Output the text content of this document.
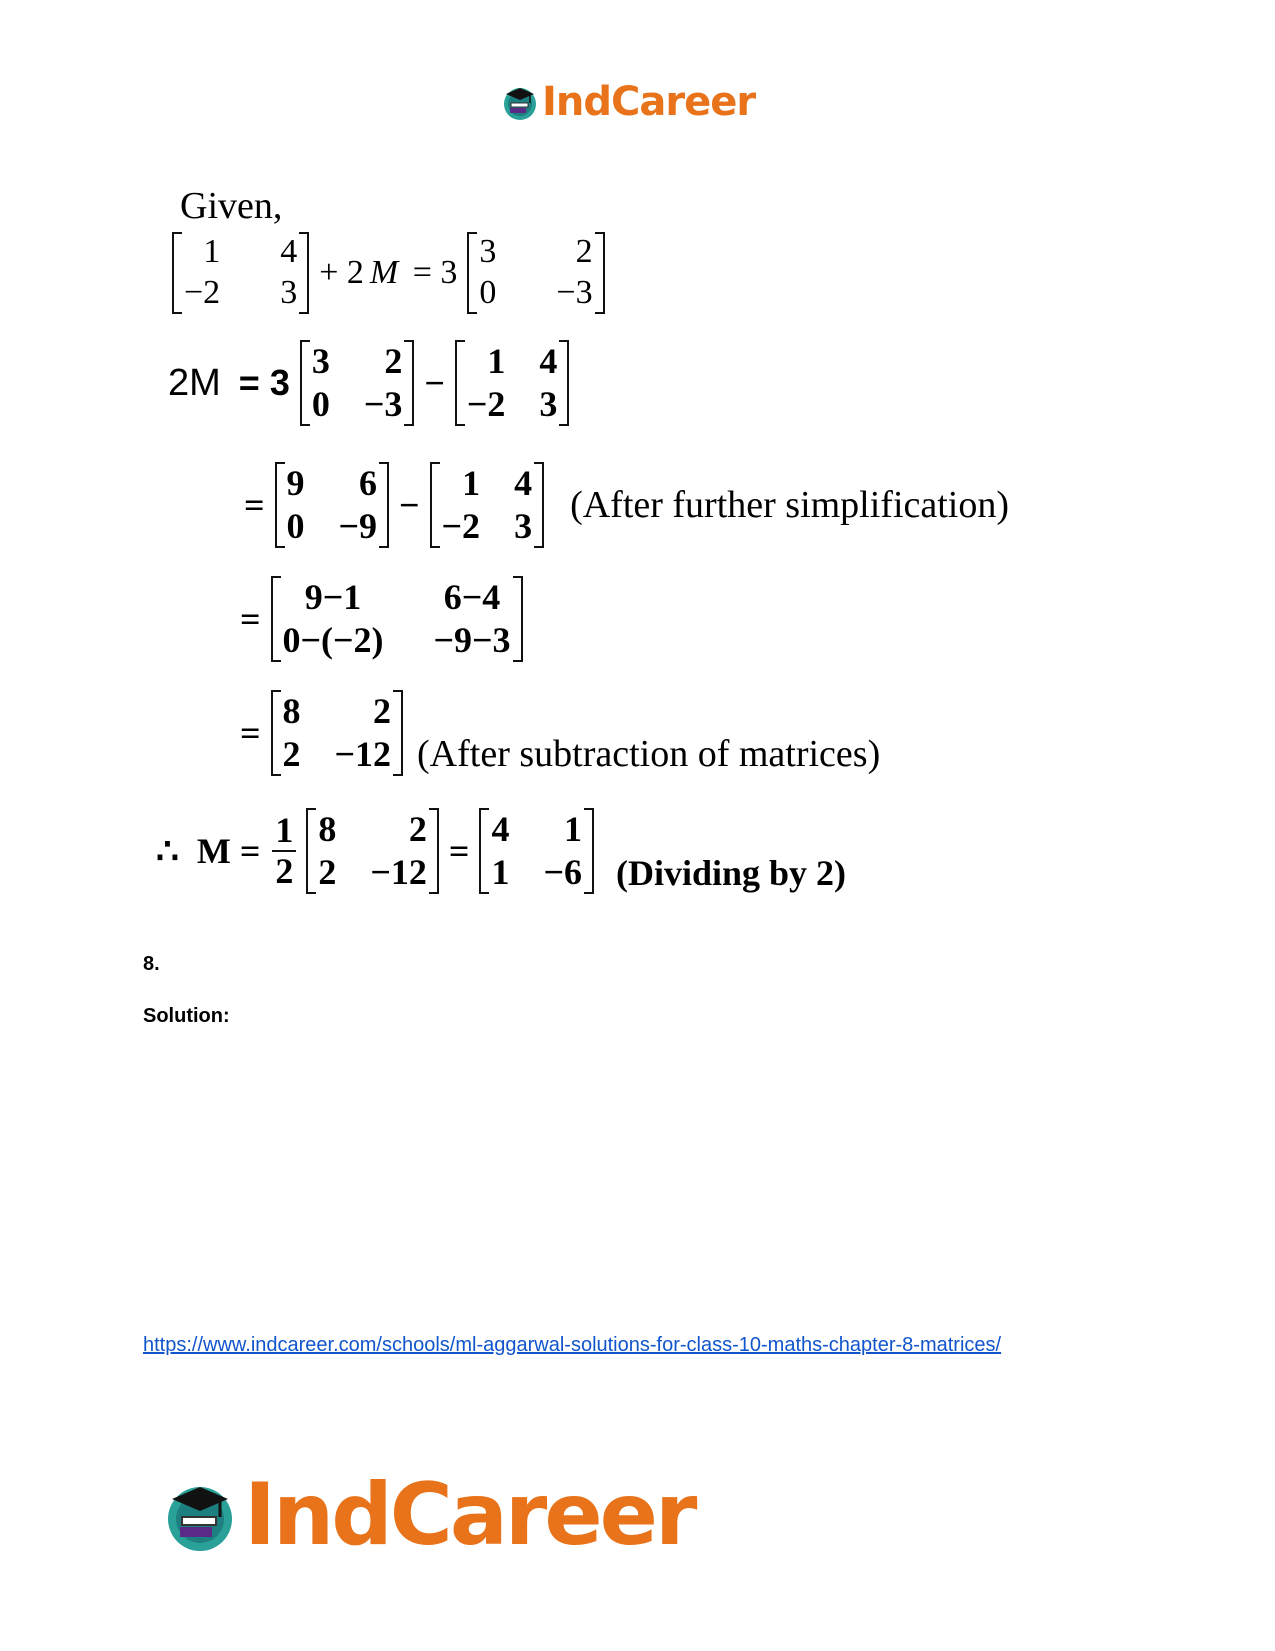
IndCareer
Given,
1 4
−2 3
+ 2 M = 3
3	2
0 −3
2M = 3
3	2
0 −3
−
1 4
−2 3
=
9	6
0 −9
−
1 4
−2 3 (After further simplification)
=
9−1	6−4
0−(−2) −9−3
=
8	2
2 −12 (After subtraction of matrices)
∴  $M = \frac{1}{2} 8$	2
2 −12
=
4	1
1 −6 (Dividing by 2)
8.
Solution:
https://www.indcareer.com/schools/ml-aggarwal-solutions-for-class-10-maths-chapter-8-matrices/
IndCareer
